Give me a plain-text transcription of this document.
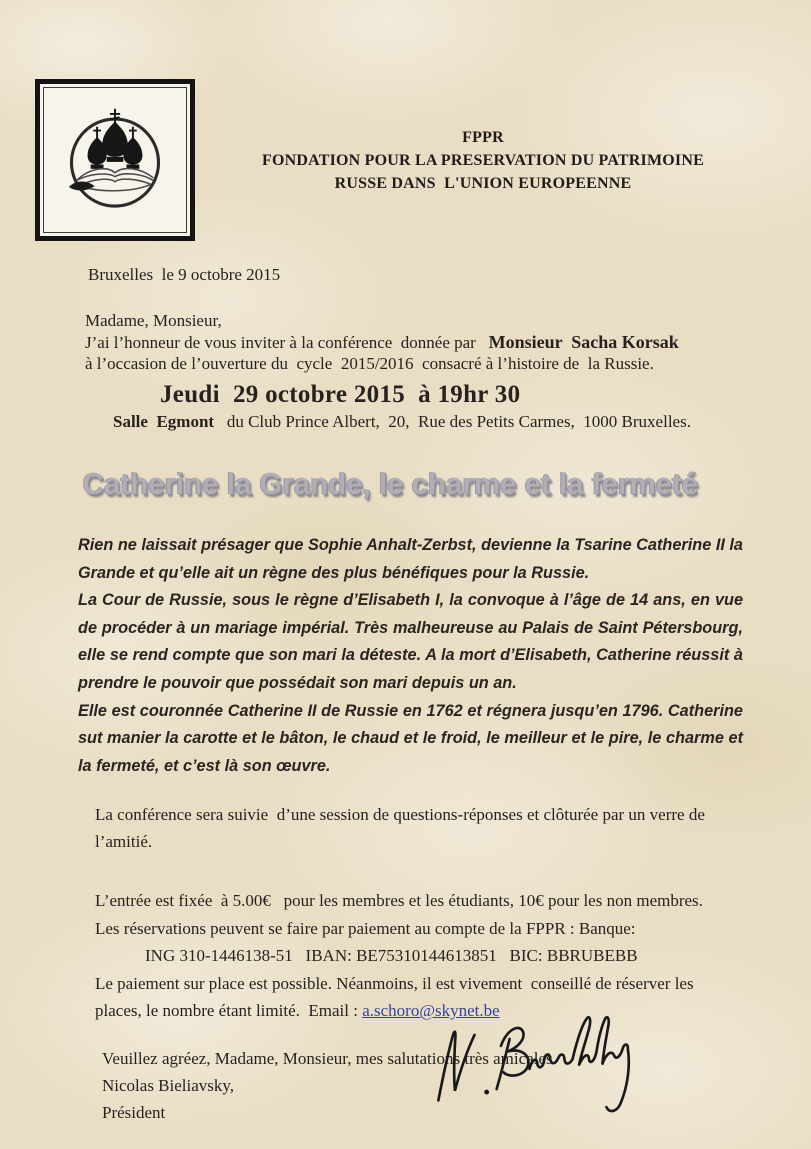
FPPR
FONDATION POUR LA PRESERVATION DU PATRIMOINE
RUSSE DANS  L'UNION EUROPEENNE
Bruxelles  le 9 octobre 2015
Madame, Monsieur,
J’ai l’honneur de vous inviter à la conférence  donnée par   Monsieur  Sacha Korsak
à l’occasion de l’ouverture du  cycle  2015/2016  consacré à l’histoire de  la Russie.
Jeudi  29 octobre 2015  à 19hr 30
Salle  Egmont   du Club Prince Albert,  20,  Rue des Petits Carmes,  1000 Bruxelles.
Catherine la Grande, le charme et la fermeté

Rien ne laissait présager que Sophie Anhalt-Zerbst, devienne la Tsarine Catherine II la Grande et qu’elle ait un règne des plus bénéfiques pour la Russie.

La Cour de Russie, sous le règne d’Elisabeth I, la convoque à l’âge de 14 ans, en vue de procéder à un mariage impérial. Très malheureuse au Palais de Saint Pétersbourg, elle se rend compte que son mari la déteste. A la mort d’Elisabeth, Catherine réussit à prendre le pouvoir que possédait son mari depuis un an.

Elle est couronnée Catherine II de Russie en 1762 et régnera jusqu’en 1796. Catherine sut manier la carotte et le bâton, le chaud et le froid, le meilleur et le pire, le charme et la fermeté, et c’est là son œuvre.

La conférence sera suivie  d’une session de questions-réponses et clôturée par un verre de l’amitié.
L’entrée est fixée  à 5.00€   pour les membres et les étudiants, 10€ pour les non membres.
Les réservations peuvent se faire par paiement au compte de la FPPR : Banque:
ING 310-1446138-51   IBAN: BE75310144613851   BIC: BBRUBEBB
Le paiement sur place est possible. Néanmoins, il est vivement  conseillé de réserver les places, le nombre étant limité.  Email : a.schoro@skynet.be
Veuillez agréez, Madame, Monsieur, mes salutations très amicales.
Nicolas Bieliavsky,
Président
